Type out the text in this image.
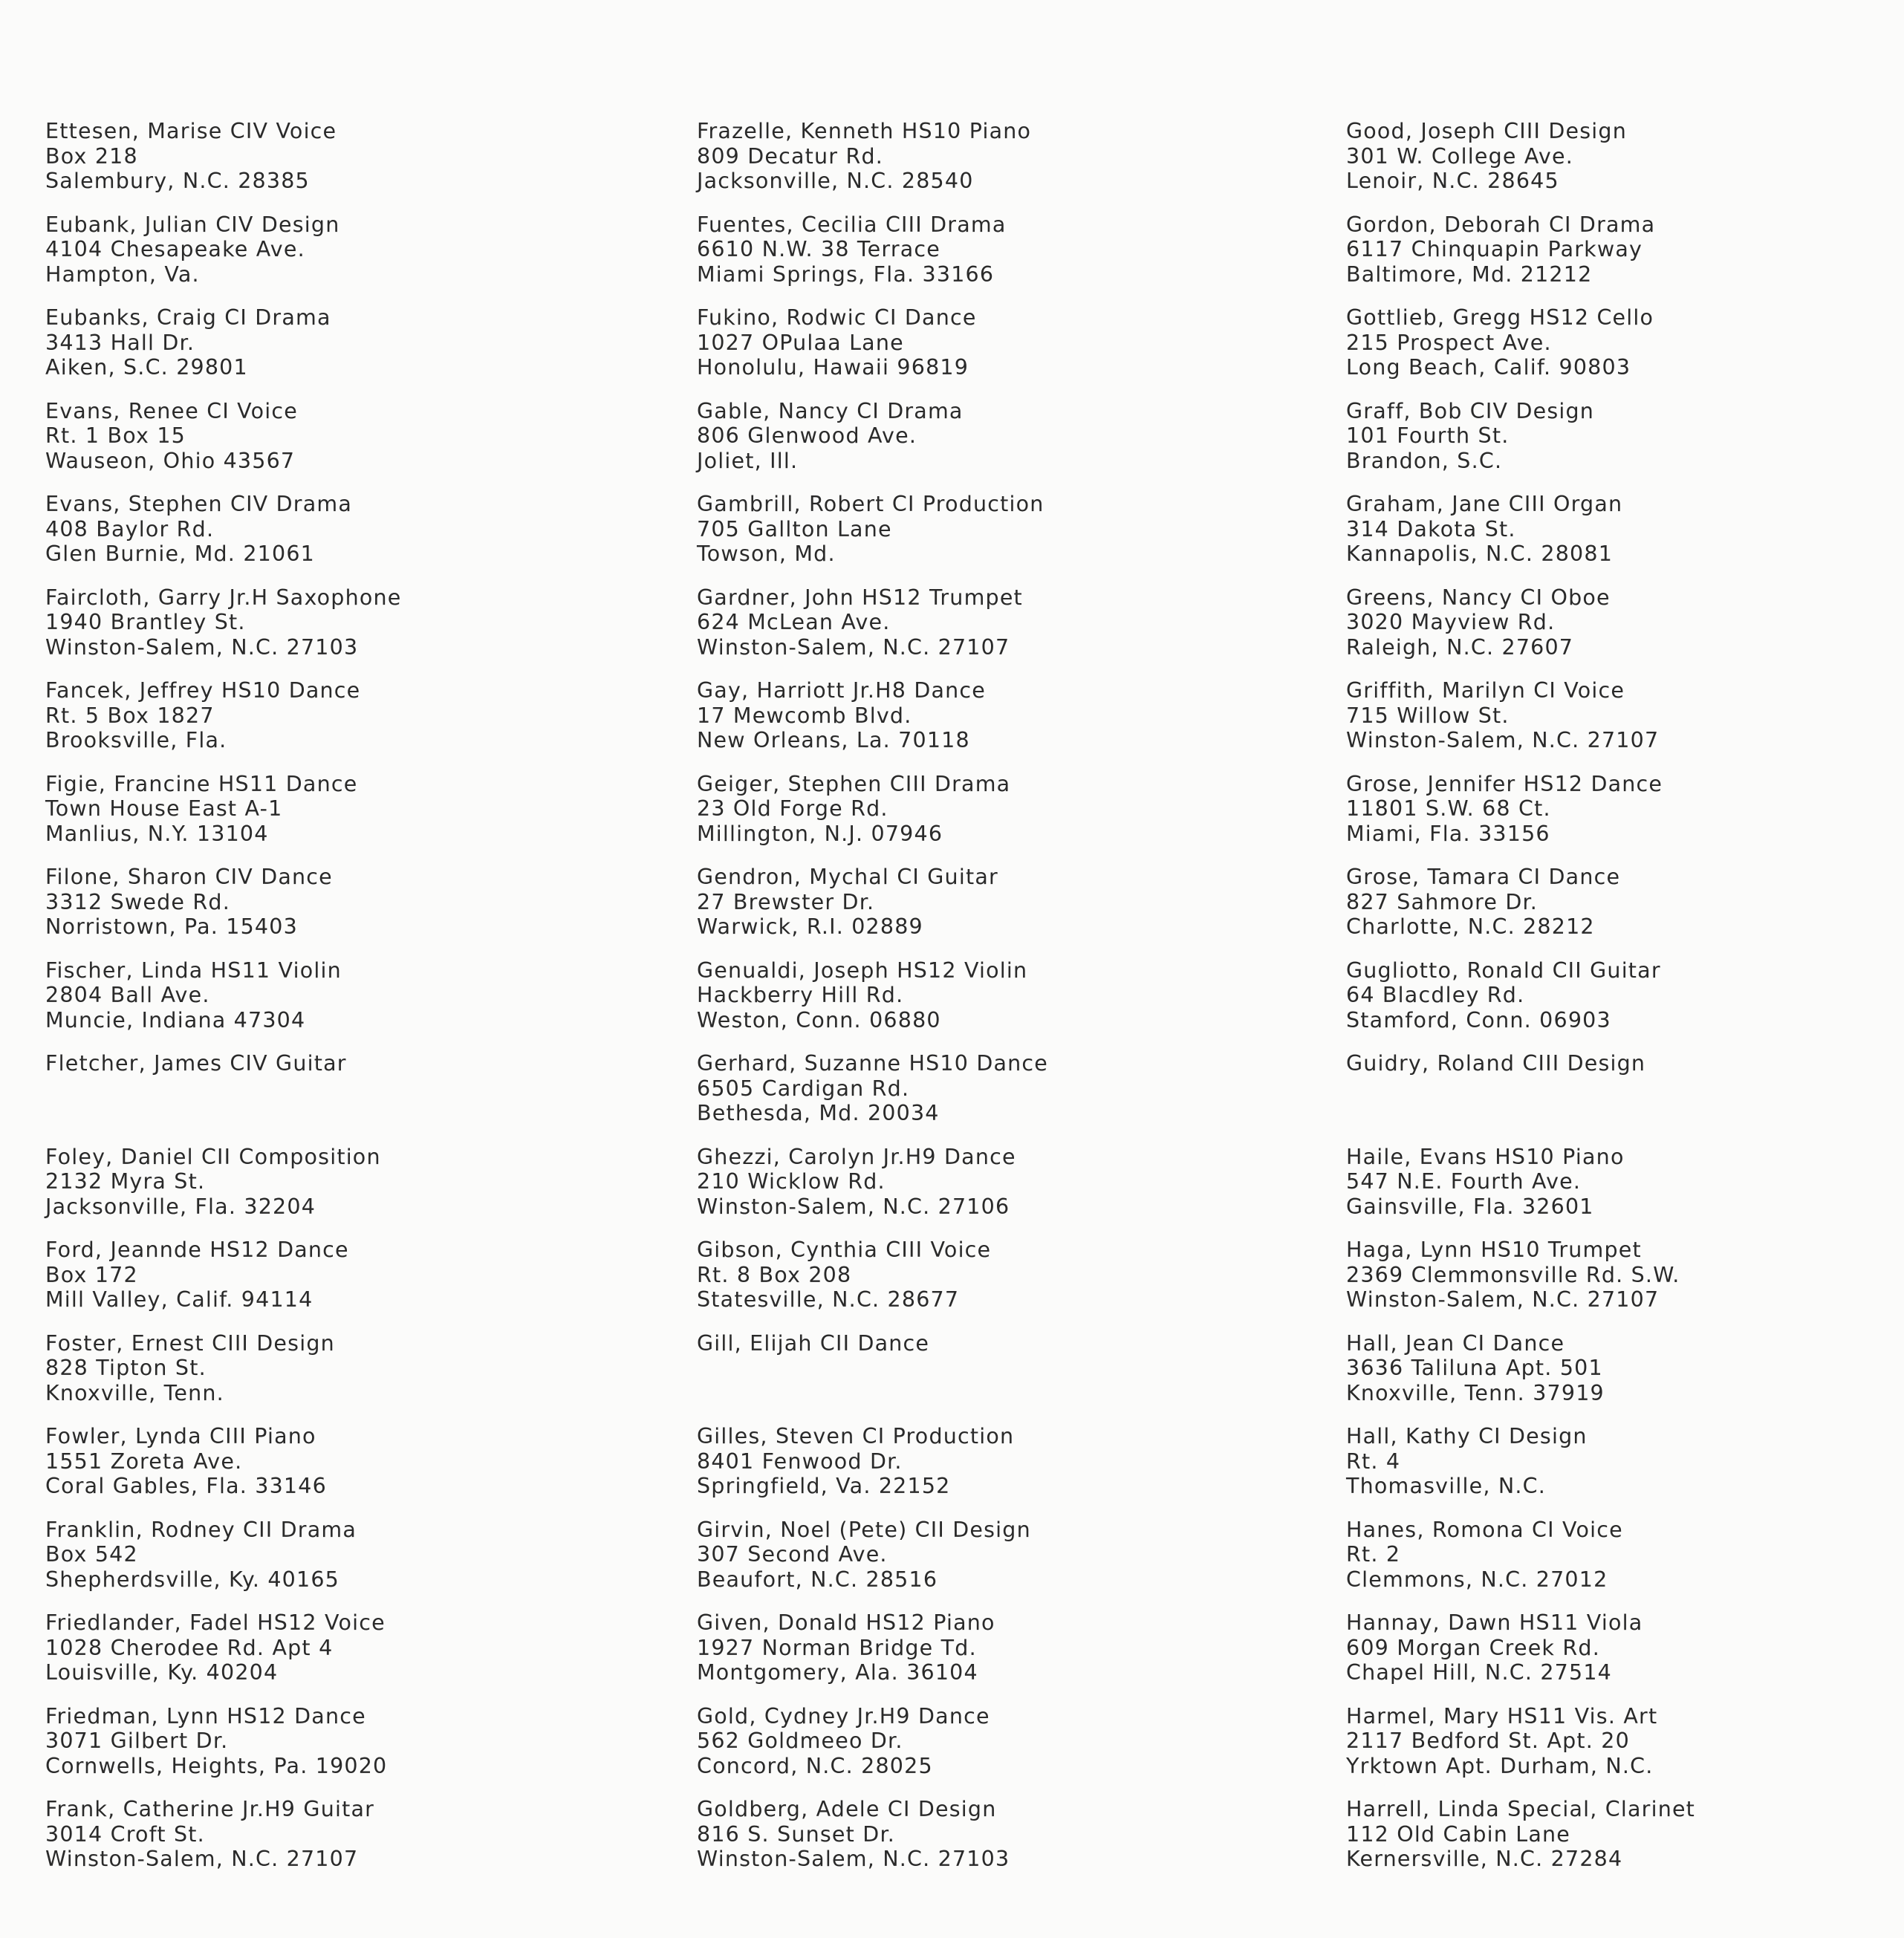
Ettesen, Marise CIV Voice
Box 218
Salembury, N.C. 28385
Eubank, Julian CIV Design
4104 Chesapeake Ave.
Hampton, Va.
Eubanks, Craig CI Drama
3413 Hall Dr.
Aiken, S.C. 29801
Evans, Renee CI Voice
Rt. 1 Box 15
Wauseon, Ohio 43567
Evans, Stephen CIV Drama
408 Baylor Rd.
Glen Burnie, Md. 21061
Faircloth, Garry Jr.H Saxophone
1940 Brantley St.
Winston-Salem, N.C. 27103
Fancek, Jeffrey HS10 Dance
Rt. 5 Box 1827
Brooksville, Fla.
Figie, Francine HS11 Dance
Town House East A-1
Manlius, N.Y. 13104
Filone, Sharon CIV Dance
3312 Swede Rd.
Norristown, Pa. 15403
Fischer, Linda HS11 Violin
2804 Ball Ave.
Muncie, Indiana 47304
Fletcher, James CIV Guitar
Foley, Daniel CII Composition
2132 Myra St.
Jacksonville, Fla. 32204
Ford, Jeannde HS12 Dance
Box 172
Mill Valley, Calif. 94114
Foster, Ernest CIII Design
828 Tipton St.
Knoxville, Tenn.
Fowler, Lynda CIII Piano
1551 Zoreta Ave.
Coral Gables, Fla. 33146
Franklin, Rodney CII Drama
Box 542
Shepherdsville, Ky. 40165
Friedlander, Fadel HS12 Voice
1028 Cherodee Rd. Apt 4
Louisville, Ky. 40204
Friedman, Lynn HS12 Dance
3071 Gilbert Dr.
Cornwells, Heights, Pa. 19020
Frank, Catherine Jr.H9 Guitar
3014 Croft St.
Winston-Salem, N.C. 27107
Frazelle, Kenneth HS10 Piano
809 Decatur Rd.
Jacksonville, N.C. 28540
Fuentes, Cecilia CIII Drama
6610 N.W. 38 Terrace
Miami Springs, Fla. 33166
Fukino, Rodwic CI Dance
1027 OPulaa Lane
Honolulu, Hawaii 96819
Gable, Nancy CI Drama
806 Glenwood Ave.
Joliet, Ill.
Gambrill, Robert CI Production
705 Gallton Lane
Towson, Md.
Gardner, John HS12 Trumpet
624 McLean Ave.
Winston-Salem, N.C. 27107
Gay, Harriott Jr.H8 Dance
17 Mewcomb Blvd.
New Orleans, La. 70118
Geiger, Stephen CIII Drama
23 Old Forge Rd.
Millington, N.J. 07946
Gendron, Mychal CI Guitar
27 Brewster Dr.
Warwick, R.I. 02889
Genualdi, Joseph HS12 Violin
Hackberry Hill Rd.
Weston, Conn. 06880
Gerhard, Suzanne HS10 Dance
6505 Cardigan Rd.
Bethesda, Md. 20034
Ghezzi, Carolyn Jr.H9 Dance
210 Wicklow Rd.
Winston-Salem, N.C. 27106
Gibson, Cynthia CIII Voice
Rt. 8 Box 208
Statesville, N.C. 28677
Gill, Elijah CII Dance
Gilles, Steven CI Production
8401 Fenwood Dr.
Springfield, Va. 22152
Girvin, Noel (Pete) CII Design
307 Second Ave.
Beaufort, N.C. 28516
Given, Donald HS12 Piano
1927 Norman Bridge Td.
Montgomery, Ala. 36104
Gold, Cydney Jr.H9 Dance
562 Goldmeeo Dr.
Concord, N.C. 28025
Goldberg, Adele CI Design
816 S. Sunset Dr.
Winston-Salem, N.C. 27103
Good, Joseph CIII Design
301 W. College Ave.
Lenoir, N.C. 28645
Gordon, Deborah CI Drama
6117 Chinquapin Parkway
Baltimore, Md. 21212
Gottlieb, Gregg HS12 Cello
215 Prospect Ave.
Long Beach, Calif. 90803
Graff, Bob CIV Design
101 Fourth St.
Brandon, S.C.
Graham, Jane CIII Organ
314 Dakota St.
Kannapolis, N.C. 28081
Greens, Nancy CI Oboe
3020 Mayview Rd.
Raleigh, N.C. 27607
Griffith, Marilyn CI Voice
715 Willow St.
Winston-Salem, N.C. 27107
Grose, Jennifer HS12 Dance
11801 S.W. 68 Ct.
Miami, Fla. 33156
Grose, Tamara CI Dance
827 Sahmore Dr.
Charlotte, N.C. 28212
Gugliotto, Ronald CII Guitar
64 Blacdley Rd.
Stamford, Conn. 06903
Guidry, Roland CIII Design
Haile, Evans HS10 Piano
547 N.E. Fourth Ave.
Gainsville, Fla. 32601
Haga, Lynn HS10 Trumpet
2369 Clemmonsville Rd. S.W.
Winston-Salem, N.C. 27107
Hall, Jean CI Dance
3636 Taliluna Apt. 501
Knoxville, Tenn. 37919
Hall, Kathy CI Design
Rt. 4
Thomasville, N.C.
Hanes, Romona CI Voice
Rt. 2
Clemmons, N.C. 27012
Hannay, Dawn HS11 Viola
609 Morgan Creek Rd.
Chapel Hill, N.C. 27514
Harmel, Mary HS11 Vis. Art
2117 Bedford St. Apt. 20
Yrktown Apt. Durham, N.C.
Harrell, Linda Special, Clarinet
112 Old Cabin Lane
Kernersville, N.C. 27284
